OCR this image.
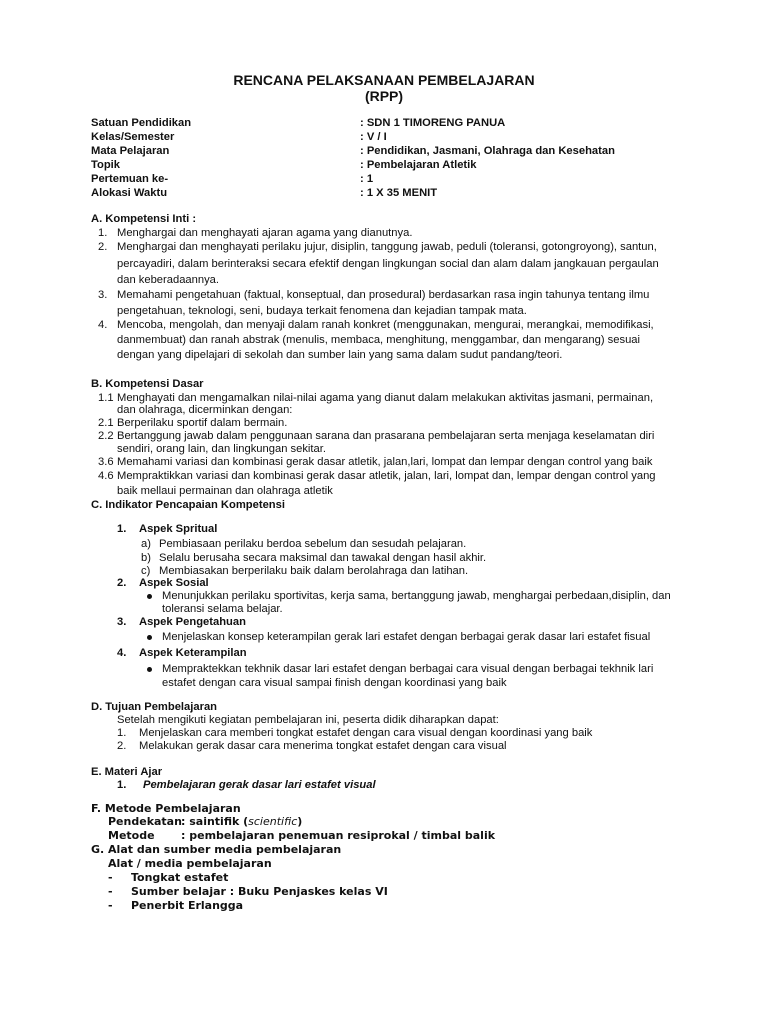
RENCANA PELAKSANAAN PEMBELAJARAN
(RPP)
Satuan Pendidikan	: SDN 1 TIMORENG PANUA
Kelas/Semester	: V / I
Mata Pelajaran	: Pendidikan, Jasmani, Olahraga dan Kesehatan
Topik	: Pembelajaran Atletik
Pertemuan ke-	: 1
Alokasi Waktu	: 1 X 35 MENIT
A. Kompetensi Inti :
1. Menghargai dan menghayati ajaran agama yang dianutnya.
2. Menghargai dan menghayati perilaku jujur, disiplin, tanggung jawab, peduli (toleransi, gotongroyong), santun,
percayadiri, dalam berinteraksi secara efektif dengan lingkungan social dan alam dalam jangkauan pergaulan
dan keberadaannya.
3. Memahami pengetahuan (faktual, konseptual, dan prosedural) berdasarkan rasa ingin tahunya tentang ilmu
pengetahuan, teknologi, seni, budaya terkait fenomena dan kejadian tampak mata.
4. Mencoba, mengolah, dan menyaji dalam ranah konkret (menggunakan, mengurai, merangkai, memodifikasi,
danmembuat) dan ranah abstrak (menulis, membaca, menghitung, menggambar, dan mengarang) sesuai
dengan yang dipelajari di sekolah dan sumber lain yang sama dalam sudut pandang/teori.
B. Kompetensi Dasar
1.1 Menghayati dan mengamalkan nilai-nilai agama yang dianut dalam melakukan aktivitas jasmani, permainan,
dan olahraga, dicerminkan dengan:
2.1 Berperilaku sportif dalam bermain.
2.2 Bertanggung jawab dalam penggunaan sarana dan prasarana pembelajaran serta menjaga keselamatan diri
sendiri, orang lain, dan lingkungan sekitar.
3.6 Memahami variasi dan kombinasi gerak dasar atletik, jalan,lari, lompat dan lempar dengan control yang baik
4.6 Mempraktikkan variasi dan kombinasi gerak dasar atletik, jalan, lari, lompat dan, lempar dengan control yang
baik mellaui permainan dan olahraga atletik
C. Indikator Pencapaian Kompetensi
1. Aspek Spritual
a) Pembiasaan perilaku berdoa sebelum dan sesudah pelajaran.
b) Selalu berusaha secara maksimal dan tawakal dengan hasil akhir.
c) Membiasakan berperilaku baik dalam berolahraga dan latihan.
2. Aspek Sosial
Menunjukkan perilaku sportivitas, kerja sama, bertanggung jawab, menghargai perbedaan,disiplin, dan
toleransi selama belajar.
3. Aspek Pengetahuan
Menjelaskan konsep keterampilan gerak lari estafet dengan berbagai gerak dasar lari estafet fisual
4. Aspek Keterampilan
Mempraktekkan tekhnik dasar lari estafet dengan berbagai cara visual dengan berbagai tekhnik lari
estafet dengan cara visual sampai finish dengan koordinasi yang baik
D. Tujuan Pembelajaran
Setelah mengikuti kegiatan pembelajaran ini, peserta didik diharapkan dapat:
1. Menjelaskan cara memberi tongkat estafet dengan cara visual dengan koordinasi yang baik
2. Melakukan gerak dasar cara menerima tongkat estafet dengan cara visual
E. Materi Ajar
1. Pembelajaran gerak dasar lari estafet visual
F. Metode Pembelajaran
Pendekatan : saintifik (scientific)
Metode : pembelajaran penemuan resiprokal / timbal balik
G. Alat dan sumber media pembelajaran
Alat / media pembelajaran
- Tongkat estafet
- Sumber belajar : Buku Penjaskes kelas VI
- Penerbit Erlangga
